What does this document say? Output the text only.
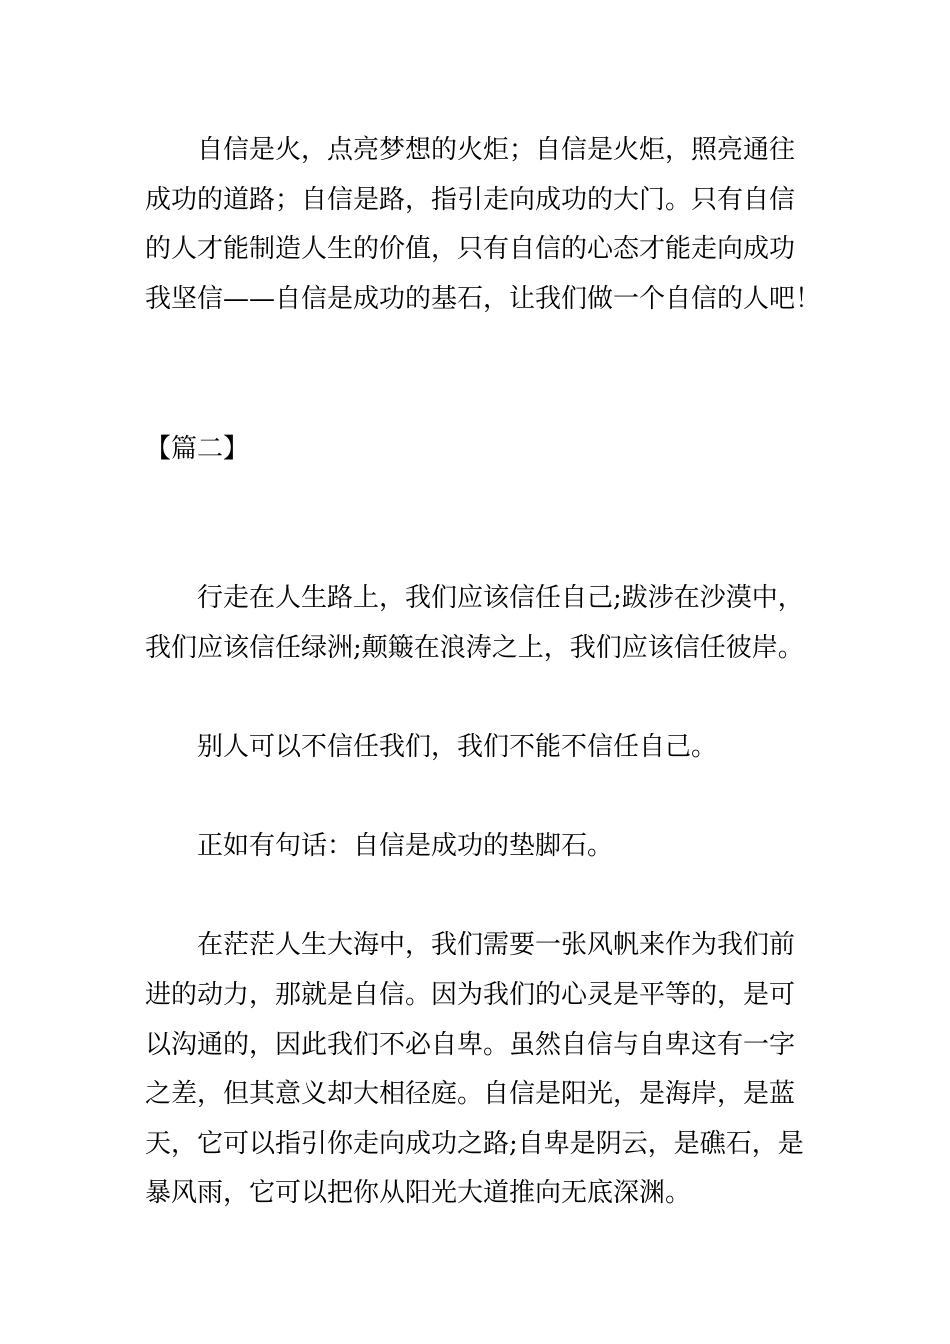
自信是火，点亮梦想的火炬；自信是火炬，照亮通往
成功的道路；自信是路，指引走向成功的大门。只有自信
的人才能制造人生的价值，只有自信的心态才能走向成功
我坚信——自信是成功的基石，让我们做一个自信的人吧！
【篇二】
行走在人生路上，我们应该信任自己;跋涉在沙漠中，
我们应该信任绿洲;颠簸在浪涛之上，我们应该信任彼岸。
别人可以不信任我们，我们不能不信任自己。
正如有句话：自信是成功的垫脚石。
在茫茫人生大海中，我们需要一张风帆来作为我们前
进的动力，那就是自信。因为我们的心灵是平等的，是可
以沟通的，因此我们不必自卑。虽然自信与自卑这有一字
之差，但其意义却大相径庭。自信是阳光，是海岸，是蓝
天，它可以指引你走向成功之路;自卑是阴云，是礁石，是
暴风雨，它可以把你从阳光大道推向无底深渊。
